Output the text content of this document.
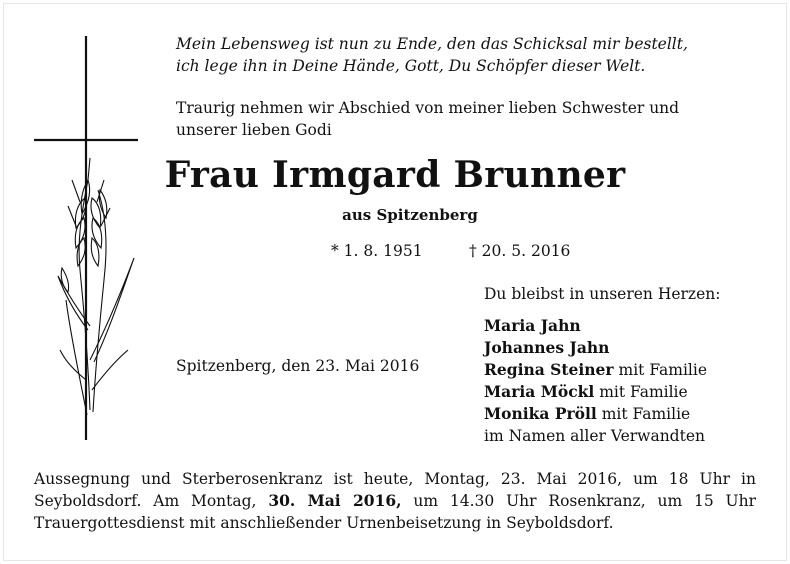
Mein Lebensweg ist nun zu Ende, den das Schicksal mir bestellt,
ich lege ihn in Deine Hände, Gott, Du Schöpfer dieser Welt.
Traurig nehmen wir Abschied von meiner lieben Schwester und
unserer lieben Godi
Frau Irmgard Brunner
aus Spitzenberg
* 1. 8. 1951	† 20. 5. 2016
Du bleibst in unseren Herzen:
Spitzenberg, den 23. Mai 2016
Maria Jahn
Johannes Jahn
Regina Steiner mit Familie
Maria Möckl mit Familie
Monika Pröll mit Familie
im Namen aller Verwandten
Aussegnung und Sterberosenkranz ist heute, Montag, 23. Mai 2016, um 18 Uhr in Seyboldsdorf. Am Montag, 30. Mai 2016, um 14.30 Uhr Rosenkranz, um 15 Uhr Trauergottesdienst mit anschließender Urnenbeisetzung in Seyboldsdorf.
